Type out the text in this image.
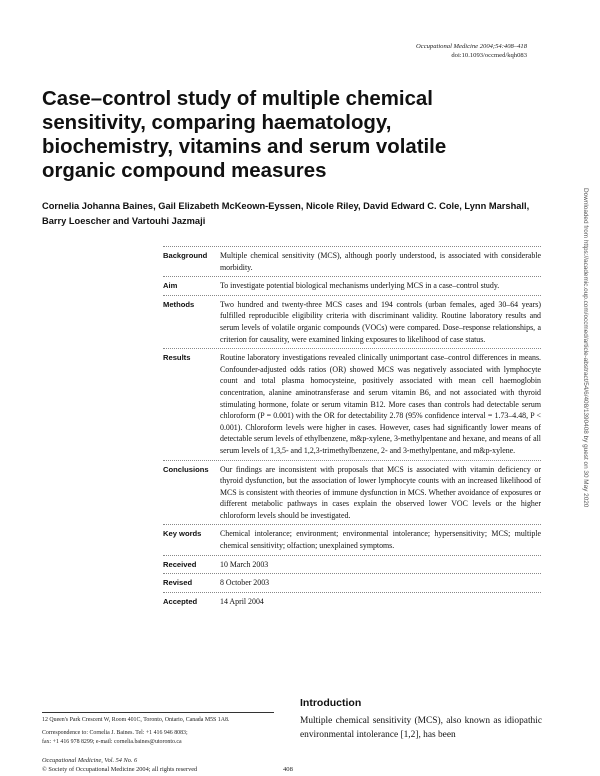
Occupational Medicine 2004;54:408–418
doi:10.1093/occmed/kqh083
Case–control study of multiple chemical sensitivity, comparing haematology, biochemistry, vitamins and serum volatile organic compound measures

Cornelia Johanna Baines, Gail Elizabeth McKeown-Eyssen, Nicole Riley, David Edward C. Cole, Lynn Marshall, Barry Loescher and Vartouhi Jazmaji

Background	Multiple chemical sensitivity (MCS), although poorly understood, is associated with considerable morbidity.
Aim	To investigate potential biological mechanisms underlying MCS in a case–control study.
Methods	Two hundred and twenty-three MCS cases and 194 controls (urban females, aged 30–64 years) fulfilled reproducible eligibility criteria with discriminant validity. Routine laboratory results and serum levels of volatile organic compounds (VOCs) were compared. Dose–response relationships, a criterion for causality, were examined linking exposures to likelihood of case status.
Results	Routine laboratory investigations revealed clinically unimportant case–control differences in means. Confounder-adjusted odds ratios (OR) showed MCS was negatively associated with lymphocyte count and total plasma homocysteine, positively associated with mean cell haemoglobin concentration, alanine aminotransferase and serum vitamin B6, and not associated with thyroid stimulating hormone, folate or serum vitamin B12. More cases than controls had detectable serum chloroform (P = 0.001) with the OR for detectability 2.78 (95% confidence interval = 1.73–4.48, P < 0.001). Chloroform levels were higher in cases. However, cases had significantly lower means of detectable serum levels of ethylbenzene, m&p-xylene, 3-methylpentane and hexane, and means of all serum levels of 1,3,5- and 1,2,3-trimethylbenzene, 2- and 3-methylpentane, and m&p-xylene.
Conclusions	Our findings are inconsistent with proposals that MCS is associated with vitamin deficiency or thyroid dysfunction, but the association of lower lymphocyte counts with an increased likelihood of MCS is consistent with theories of immune dysfunction in MCS. Whether avoidance of exposures or different metabolic pathways in cases explain the observed lower VOC levels or the higher chloroform levels should be investigated.
Key words	Chemical intolerance; environment; environmental intolerance; hypersensitivity; MCS; multiple chemical sensitivity; olfaction; unexplained symptoms.
Received	10 March 2003
Revised	8 October 2003
Accepted	14 April 2004
Downloaded from https://academic.oup.com/occmed/article-abstract/54/6/408/1390408 by guest on 30 May 2020
Introduction

Multiple chemical sensitivity (MCS), also known as idiopathic environmental intolerance [1,2], has been

12 Queen's Park Crescent W, Room 401C, Toronto, Ontario, Canada M5S 1A8.

Correspondence to: Cornelia J. Baines. Tel: +1 416 946 8083;

fax: +1 416 978 8299; e-mail: cornelia.baines@utoronto.ca

Occupational Medicine, Vol. 54 No. 6
© Society of Occupational Medicine 2004; all rights reserved	408
